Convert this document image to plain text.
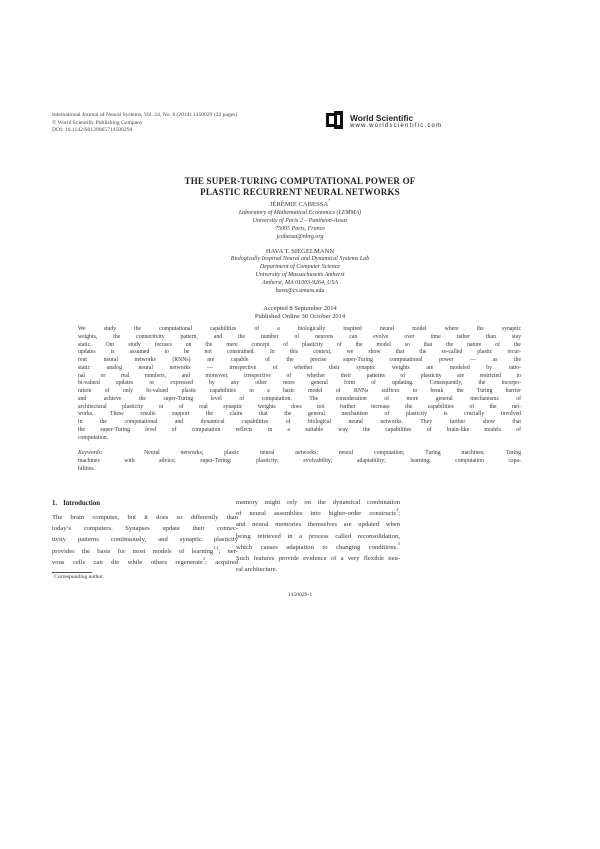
International Journal of Neural Systems, Vol. 24, No. 8 (2014) 1450029 (22 pages)
© World Scientific Publishing Company
DOI: 10.1142/S0129065714500294
World Scientific
www.worldscientific.com
THE SUPER-TURING COMPUTATIONAL POWER OF
PLASTIC RECURRENT NEURAL NETWORKS
JÉRÉMIE CABESSA*
Laboratory of Mathematical Economics (LEMMA)
University of Paris 2 – Panthéon-Assas
75005 Paris, France
jcabessa@nhrg.org
HAVA T. SIEGELMANN
Biologically Inspired Neural and Dynamical Systems Lab
Department of Computer Science
University of Massachusetts Amherst
Amherst, MA 01003-9264, USA
hava@cs.umass.edu
Accepted 8 September 2014
Published Online 30 October 2014
We study the computational capabilities of a biologically inspired neural model where the synaptic
weights, the connectivity pattern, and the number of neurons can evolve over time rather than stay
static. Our study focuses on the mere concept of plasticity of the model so that the nature of the
updates is assumed to be not constrained. In this context, we show that the so-called plastic recur-
rent neural networks (RNNs) are capable of the precise super-Turing computational power — as the
static analog neural networks — irrespective of whether their synaptic weights are modeled by ratio-
nal or real numbers, and moreover, irrespective of whether their patterns of plasticity are restricted to
bi-valued updates or expressed by any other more general form of updating. Consequently, the incorpo-
ration of only bi-valued plastic capabilities in a basic model of RNNs suffices to break the Turing barrier
and achieve the super-Turing level of computation. The consideration of more general mechanisms of
architectural plasticity or of real synaptic weights does not further increase the capabilities of the net-
works. These results support the claim that the general mechanism of plasticity is crucially involved
in the computational and dynamical capabilities of biological neural networks. They further show that
the super-Turing level of computation reflects in a suitable way the capabilities of brain-like models of
computation.
Keywords:  Neural networks; plastic neural networks; neural computation; Turing machines; Turing
machines with advice; super-Turing; plasticity; evolvability; adaptability; learning; computation capa-
bilities.
1. Introduction
The brain computes, but it does so differently than
today’s computers. Synapses update their connec-
tivity patterns continuously, and synaptic plasticity
provides the basis for most models of learning$^{1,2}$; ner-
vous cells can die while others regenerate$^3$; acquired
memory might rely on the dynamical combination
of neural assemblies into higher-order constructs$^4$;
and neural memories themselves are updated when
being retrieved in a process called reconsolidation,
which causes adaptation to changing conditions.$^5$
Such features provide evidence of a very flexible neu-
ral architecture.
*Corresponding author.
1450029-1
